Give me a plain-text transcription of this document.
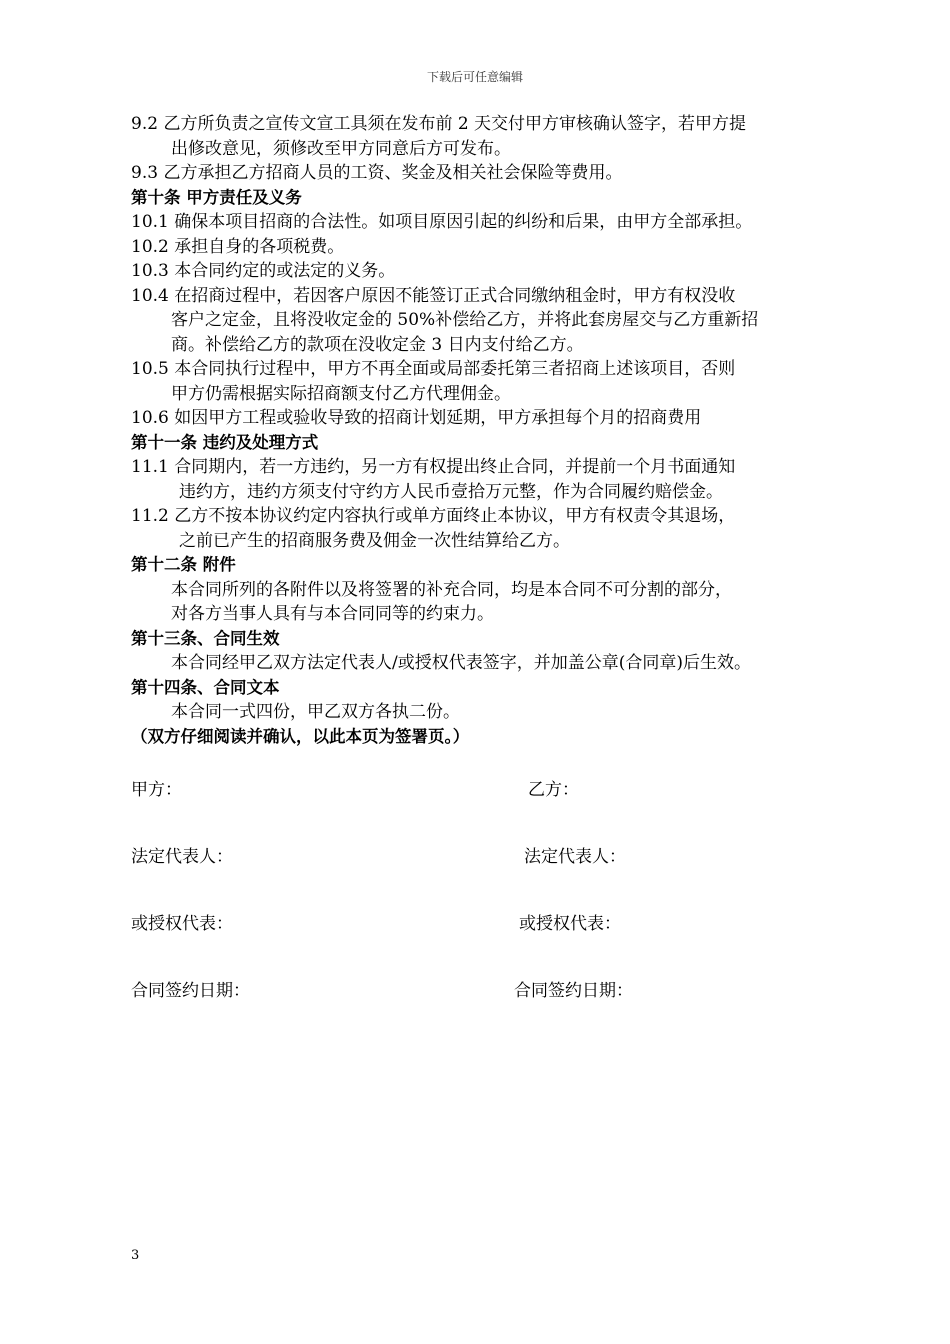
下载后可任意编辑
9.2 乙方所负责之宣传文宣工具须在发布前 2 天交付甲方审核确认签字，若甲方提
出修改意见，须修改至甲方同意后方可发布。
9.3 乙方承担乙方招商人员的工资、奖金及相关社会保险等费用。
第十条 甲方责任及义务
10.1 确保本项目招商的合法性。如项目原因引起的纠纷和后果，由甲方全部承担。
10.2 承担自身的各项税费。
10.3 本合同约定的或法定的义务。
10.4 在招商过程中，若因客户原因不能签订正式合同缴纳租金时，甲方有权没收
客户之定金，且将没收定金的 50%补偿给乙方，并将此套房屋交与乙方重新招
商。补偿给乙方的款项在没收定金 3 日内支付给乙方。
10.5 本合同执行过程中，甲方不再全面或局部委托第三者招商上述该项目，否则
甲方仍需根据实际招商额支付乙方代理佣金。
10.6 如因甲方工程或验收导致的招商计划延期，甲方承担每个月的招商费用
第十一条 违约及处理方式
11.1 合同期内，若一方违约，另一方有权提出终止合同，并提前一个月书面通知
违约方，违约方须支付守约方人民币壹拾万元整，作为合同履约赔偿金。
11.2 乙方不按本协议约定内容执行或单方面终止本协议，甲方有权责令其退场，
之前已产生的招商服务费及佣金一次性结算给乙方。
第十二条 附件
本合同所列的各附件以及将签署的补充合同，均是本合同不可分割的部分，
对各方当事人具有与本合同同等的约束力。
第十三条、合同生效
本合同经甲乙双方法定代表人/或授权代表签字，并加盖公章(合同章)后生效。
第十四条、合同文本
本合同一式四份，甲乙双方各执二份。
（双方仔细阅读并确认，以此本页为签署页。）
甲方：	乙方：
法定代表人：	法定代表人：
或授权代表：	或授权代表：
合同签约日期：	合同签约日期：
3
